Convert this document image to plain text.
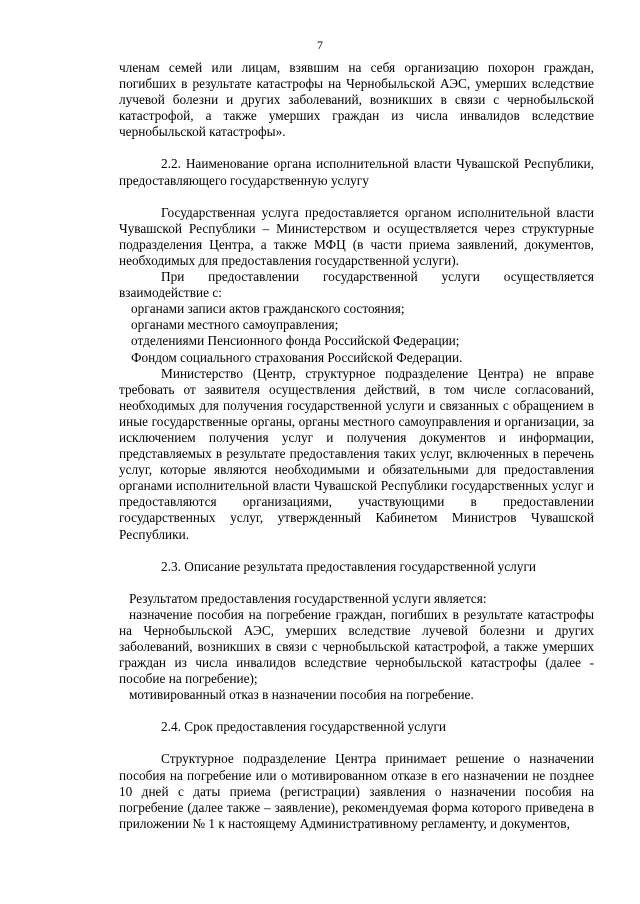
7

членам семей или лицам, взявшим на себя организацию похорон граждан, погибших в результате катастрофы на Чернобыльской АЭС, умерших вследствие лучевой болезни и других заболеваний, возникших в связи с чернобыльской катастрофой, а также умерших граждан из числа инвалидов вследствие чернобыльской катастрофы».

2.2. Наименование органа исполнительной власти Чувашской Республики, предоставляющего государственную услугу

Государственная услуга предоставляется органом исполнительной власти Чувашской Республики – Министерством и осуществляется через структурные подразделения Центра, а также МФЦ (в части приема заявлений, документов, необходимых для предоставления государственной услуги).

При предоставлении государственной услуги осуществляется взаимодействие с:

органами записи актов гражданского состояния;

органами местного самоуправления;

отделениями Пенсионного фонда Российской Федерации;

Фондом социального страхования Российской Федерации.

Министерство (Центр, структурное подразделение Центра) не вправе требовать от заявителя осуществления действий, в том числе согласований, необходимых для получения государственной услуги и связанных с обращением в иные государственные органы, органы местного самоуправления и организации, за исключением получения услуг и получения документов и информации, представляемых в результате предоставления таких услуг, включенных в перечень услуг, которые являются необходимыми и обязательными для предоставления органами исполнительной власти Чувашской Республики государственных услуг и предоставляются организациями, участвующими в предоставлении государственных услуг, утвержденный Кабинетом Министров Чувашской Республики.

2.3. Описание результата предоставления государственной услуги

Результатом предоставления государственной услуги является:

назначение пособия на погребение граждан, погибших в результате катастрофы на Чернобыльской АЭС, умерших вследствие лучевой болезни и других заболеваний, возникших в связи с чернобыльской катастрофой, а также умерших граждан из числа инвалидов вследствие чернобыльской катастрофы (далее - пособие на погребение);

мотивированный отказ в назначении пособия на погребение.

2.4. Срок предоставления государственной услуги

Структурное подразделение Центра принимает решение о назначении пособия на погребение или о мотивированном отказе в его назначении не позднее 10 дней с даты приема (регистрации) заявления о назначении пособия на погребение (далее также – заявление), рекомендуемая форма которого приведена в приложении № 1 к настоящему Административному регламенту, и документов,
